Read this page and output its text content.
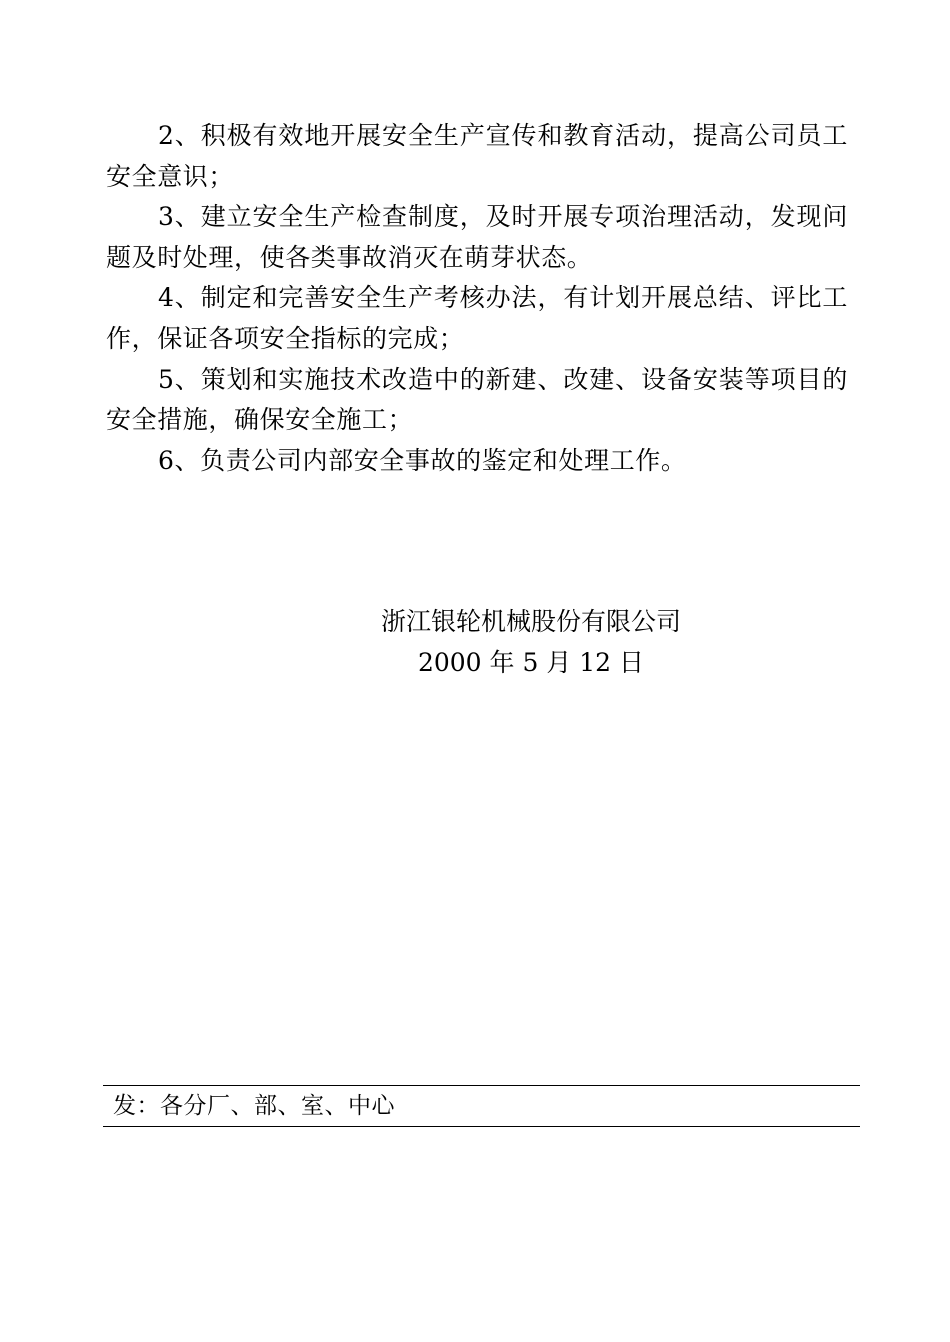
2、积极有效地开展安全生产宣传和教育活动，提高公司员工安全意识；

3、建立安全生产检查制度，及时开展专项治理活动，发现问题及时处理，使各类事故消灭在萌芽状态。

4、制定和完善安全生产考核办法，有计划开展总结、评比工作，保证各项安全指标的完成；

5、策划和实施技术改造中的新建、改建、设备安装等项目的安全措施，确保安全施工；

6、负责公司内部安全事故的鉴定和处理工作。

浙江银轮机械股份有限公司
2000 年 5 月 12 日
发：各分厂、部、室、中心
